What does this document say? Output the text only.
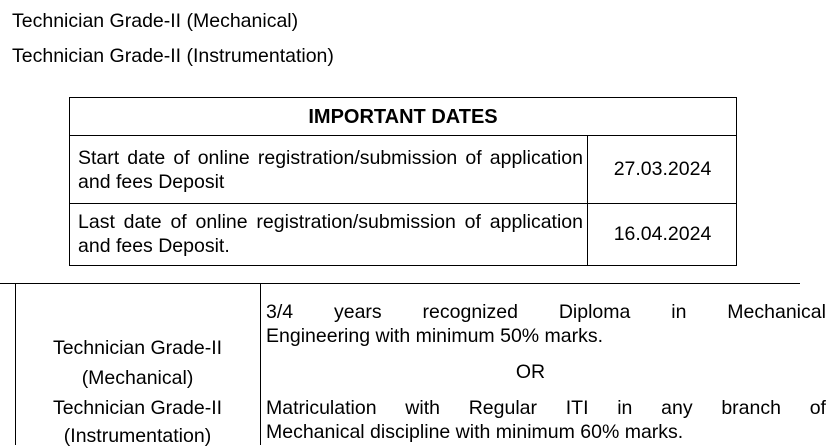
Technician Grade-II (Mechanical)
Technician Grade-II (Instrumentation)
IMPORTANT DATES
Start date of online registration/submission of application and fees Deposit
27.03.2024
Last date of online registration/submission of application and fees Deposit.
16.04.2024
Technician Grade-II
(Mechanical)
Technician Grade-II
(Instrumentation)
3/4 years recognized Diploma in Mechanical
Engineering with minimum 50% marks.
OR
Matriculation with Regular ITI in any branch of
Mechanical discipline with minimum 60% marks.
